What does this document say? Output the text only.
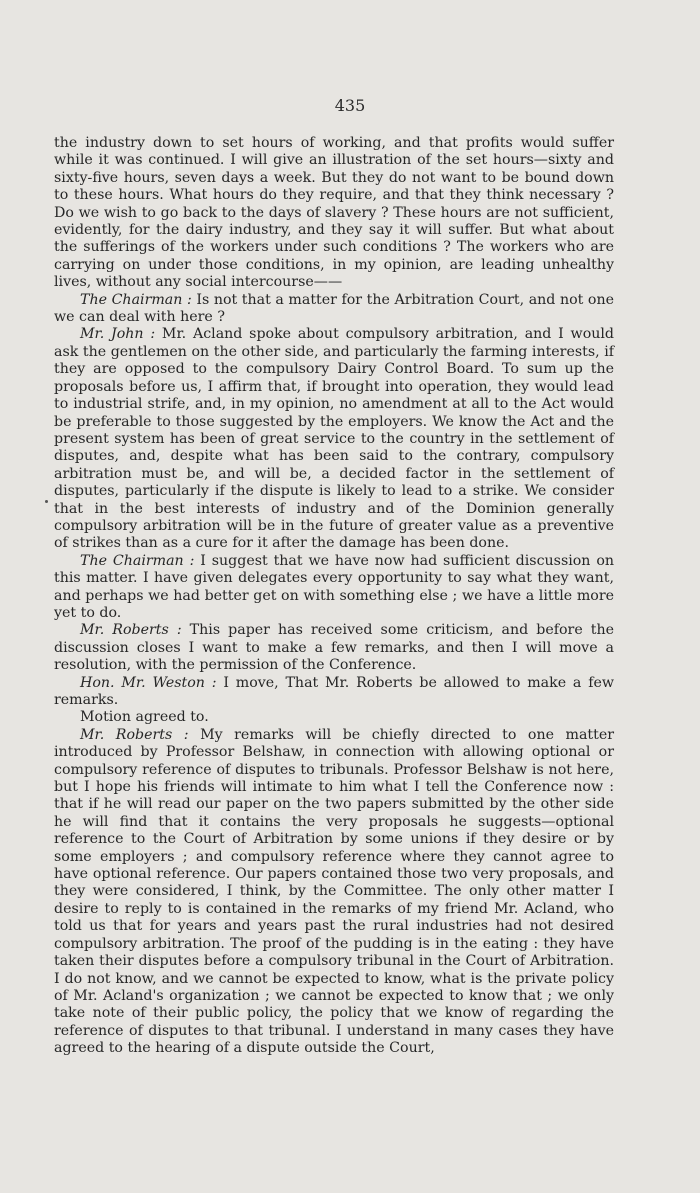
435

the industry down to set hours of working, and that profits would suffer while it was continued. I will give an illustration of the set hours—sixty and sixty-five hours, seven days a week. But they do not want to be bound down to these hours. What hours do they require, and that they think necessary ? Do we wish to go back to the days of slavery ? These hours are not sufficient, evidently, for the dairy industry, and they say it will suffer. But what about the sufferings of the workers under such conditions ? The workers who are carrying on under those conditions, in my opinion, are leading unhealthy lives, without any social intercourse——

The Chairman : Is not that a matter for the Arbitration Court, and not one we can deal with here ?

Mr. John : Mr. Acland spoke about compulsory arbitration, and I would ask the gentlemen on the other side, and particularly the farming interests, if they are opposed to the compulsory Dairy Control Board. To sum up the proposals before us, I affirm that, if brought into operation, they would lead to industrial strife, and, in my opinion, no amendment at all to the Act would be preferable to those suggested by the employers. We know the Act and the present system has been of great service to the country in the settlement of disputes, and, despite what has been said to the contrary, compulsory arbitration must be, and will be, a decided factor in the settlement of disputes, particularly if the dispute is likely to lead to a strike. We consider that in the best interests of industry and of the Dominion generally compulsory arbitration will be in the future of greater value as a preventive of strikes than as a cure for it after the damage has been done.

The Chairman : I suggest that we have now had sufficient discussion on this matter. I have given delegates every opportunity to say what they want, and perhaps we had better get on with something else ; we have a little more yet to do.

Mr. Roberts : This paper has received some criticism, and before the discussion closes I want to make a few remarks, and then I will move a resolution, with the permission of the Conference.

Hon. Mr. Weston : I move, That Mr. Roberts be allowed to make a few remarks.

Motion agreed to.

Mr. Roberts : My remarks will be chiefly directed to one matter introduced by Professor Belshaw, in connection with allowing optional or compulsory reference of disputes to tribunals. Professor Belshaw is not here, but I hope his friends will intimate to him what I tell the Conference now : that if he will read our paper on the two papers submitted by the other side he will find that it contains the very proposals he suggests—optional reference to the Court of Arbitration by some unions if they desire or by some employers ; and compulsory reference where they cannot agree to have optional reference. Our papers contained those two very proposals, and they were considered, I think, by the Committee. The only other matter I desire to reply to is contained in the remarks of my friend Mr. Acland, who told us that for years and years past the rural industries had not desired compulsory arbitration. The proof of the pudding is in the eating : they have taken their disputes before a compulsory tribunal in the Court of Arbitration. I do not know, and we cannot be expected to know, what is the private policy of Mr. Acland's organization ; we cannot be expected to know that ; we only take note of their public policy, the policy that we know of regarding the reference of disputes to that tribunal. I understand in many cases they have agreed to the hearing of a dispute outside the Court,
